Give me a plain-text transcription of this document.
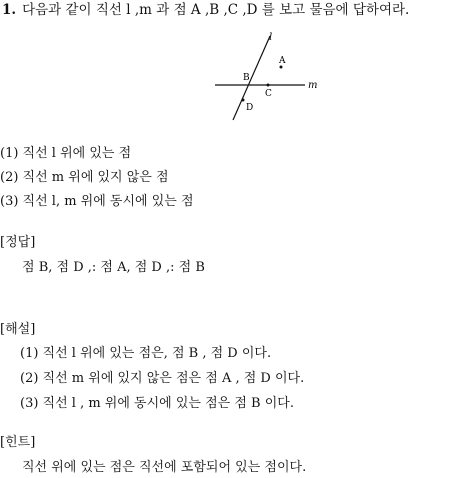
1. 다음과 같이 직선 l ,m 과 점 A ,B ,C ,D 를 보고 물음에 답하여라.
l
m
A
B
C
D
(1) 직선 l 위에 있는 점
(2) 직선 m 위에 있지 않은 점
(3) 직선 l, m 위에 동시에 있는 점
[정답]
점 B, 점 D ,: 점 A, 점 D ,: 점 B
[해설]
(1) 직선 l 위에 있는 점은, 점 B , 점 D 이다.
(2) 직선 m 위에 있지 않은 점은 점 A , 점 D 이다.
(3) 직선 l , m 위에 동시에 있는 점은 점 B 이다.
[힌트]
직선 위에 있는 점은 직선에 포함되어 있는 점이다.
